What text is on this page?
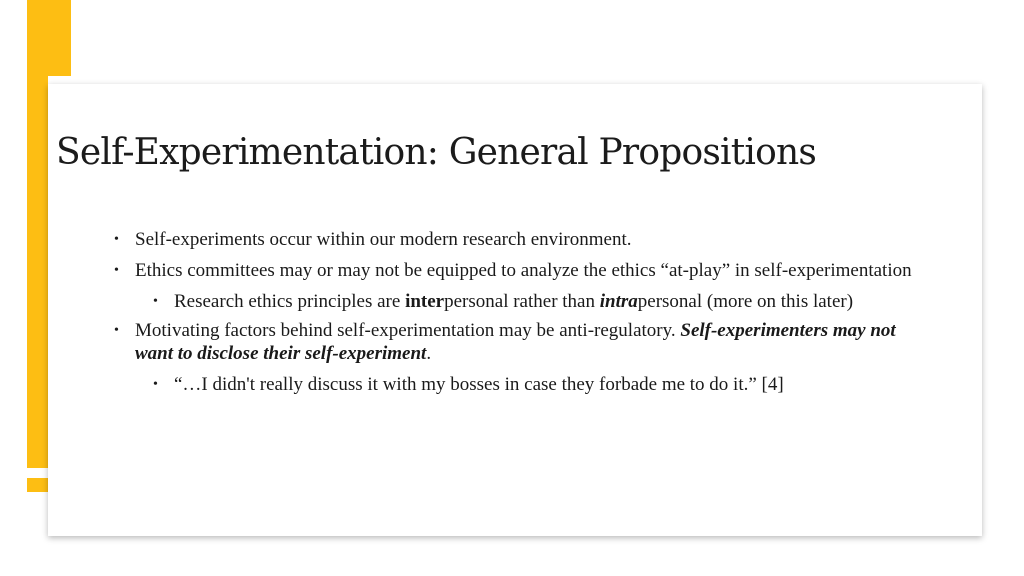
Self-Experimentation: General Propositions
• Self-experiments occur within our modern research environment.
• Ethics committees may or may not be equipped to analyze the ethics “at-play” in self-experimentation
• Research ethics principles are interpersonal rather than intrapersonal (more on this later)
• Motivating factors behind self-experimentation may be anti-regulatory. Self-experimenters may not want to disclose their self-experiment.
• “…I didn't really discuss it with my bosses in case they forbade me to do it.” [4]
